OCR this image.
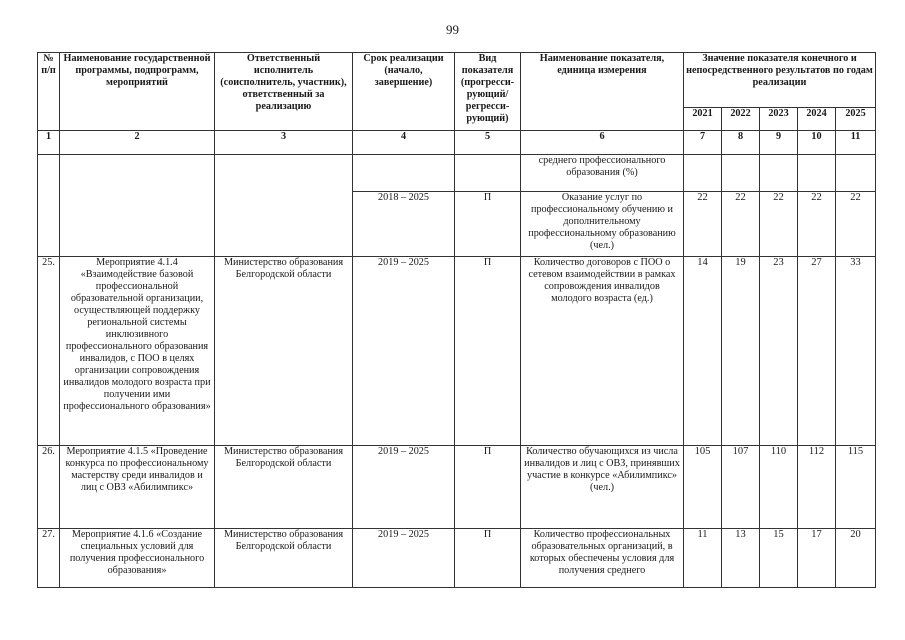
99
№ п/п	Наименование государственной программы, подпрограмм, мероприятий	Ответственный исполнитель (соисполнитель, участник), ответственный за реализацию	Срок реализации (начало, завершение)	Вид показателя (прогресси-рующий/ регресси-рующий)	Наименование показателя, единица измерения	Значение показателя конечного и непосредственного результатов по годам реализации				
						2021	2022	2023	2024	2025
1	2	3	4	5	6	7	8	9	10	11
					среднего профессионального образования (%)					
			2018 – 2025	П	Оказание услуг по профессиональному обучению и дополнительному профессиональному образованию (чел.)	22	22	22	22	22
25.	Мероприятие 4.1.4 «Взаимодействие базовой профессиональной образовательной организации, осуществляющей поддержку региональной системы инклюзивного профессионального образования инвалидов, с ПОО в целях организации сопровождения инвалидов молодого возраста при получении ими профессионального образования»	Министерство образования Белгородской области	2019 – 2025	П	Количество договоров с ПОО о сетевом взаимодействии в рамках сопровождения инвалидов молодого возраста (ед.)	14	19	23	27	33
26.	Мероприятие 4.1.5 «Проведение конкурса по профессиональному мастерству среди инвалидов и лиц с ОВЗ «Абилимпикс»	Министерство образования Белгородской области	2019 – 2025	П	Количество обучающихся из числа инвалидов и лиц с ОВЗ, принявших участие в конкурсе «Абилимпикс» (чел.)	105	107	110	112	115
27.	Мероприятие 4.1.6 «Создание специальных условий для получения профессионального образования»	Министерство образования Белгородской области	2019 – 2025	П	Количество профессиональных образовательных организаций, в которых обеспечены условия для получения среднего	11	13	15	17	20
